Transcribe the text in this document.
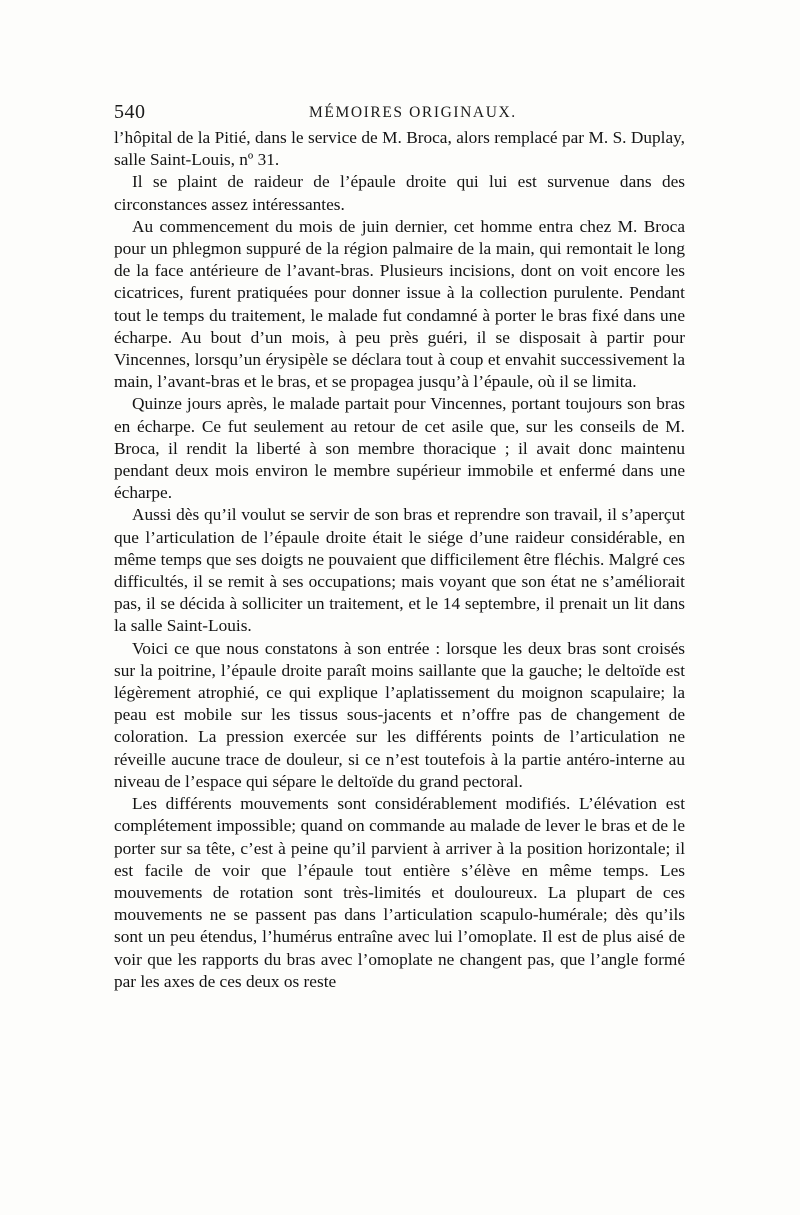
540	MÉMOIRES ORIGINAUX.

l’hôpital de la Pitié, dans le service de M. Broca, alors remplacé par M. S. Duplay, salle Saint-Louis, nº 31.

Il se plaint de raideur de l’épaule droite qui lui est survenue dans des circonstances assez intéressantes.

Au commencement du mois de juin dernier, cet homme entra chez M. Broca pour un phlegmon suppuré de la région palmaire de la main, qui remontait le long de la face antérieure de l’avant-bras. Plusieurs incisions, dont on voit encore les cicatrices, furent pratiquées pour donner issue à la collection purulente. Pendant tout le temps du traitement, le malade fut condamné à porter le bras fixé dans une écharpe. Au bout d’un mois, à peu près guéri, il se disposait à partir pour Vincennes, lorsqu’un érysipèle se déclara tout à coup et envahit successivement la main, l’avant-bras et le bras, et se propagea jusqu’à l’épaule, où il se limita.

Quinze jours après, le malade partait pour Vincennes, portant toujours son bras en écharpe. Ce fut seulement au retour de cet asile que, sur les conseils de M. Broca, il rendit la liberté à son membre thoracique ; il avait donc maintenu pendant deux mois environ le membre supérieur immobile et enfermé dans une écharpe.

Aussi dès qu’il voulut se servir de son bras et reprendre son travail, il s’aperçut que l’articulation de l’épaule droite était le siége d’une raideur considérable, en même temps que ses doigts ne pouvaient que difficilement être fléchis. Malgré ces difficultés, il se remit à ses occupations; mais voyant que son état ne s’améliorait pas, il se décida à solliciter un traitement, et le 14 septembre, il prenait un lit dans la salle Saint-Louis.

Voici ce que nous constatons à son entrée : lorsque les deux bras sont croisés sur la poitrine, l’épaule droite paraît moins saillante que la gauche; le deltoïde est légèrement atrophié, ce qui explique l’aplatissement du moignon scapulaire; la peau est mobile sur les tissus sous-jacents et n’offre pas de changement de coloration. La pression exercée sur les différents points de l’articulation ne réveille aucune trace de douleur, si ce n’est toutefois à la partie antéro-interne au niveau de l’espace qui sépare le deltoïde du grand pectoral.

Les différents mouvements sont considérablement modifiés. L’élévation est complétement impossible; quand on commande au malade de lever le bras et de le porter sur sa tête, c’est à peine qu’il parvient à arriver à la position horizontale; il est facile de voir que l’épaule tout entière s’élève en même temps. Les mouvements de rotation sont très-limités et douloureux. La plupart de ces mouvements ne se passent pas dans l’articulation scapulo-humérale; dès qu’ils sont un peu étendus, l’humérus entraîne avec lui l’omoplate. Il est de plus aisé de voir que les rapports du bras avec l’omoplate ne changent pas, que l’angle formé par les axes de ces deux os reste
